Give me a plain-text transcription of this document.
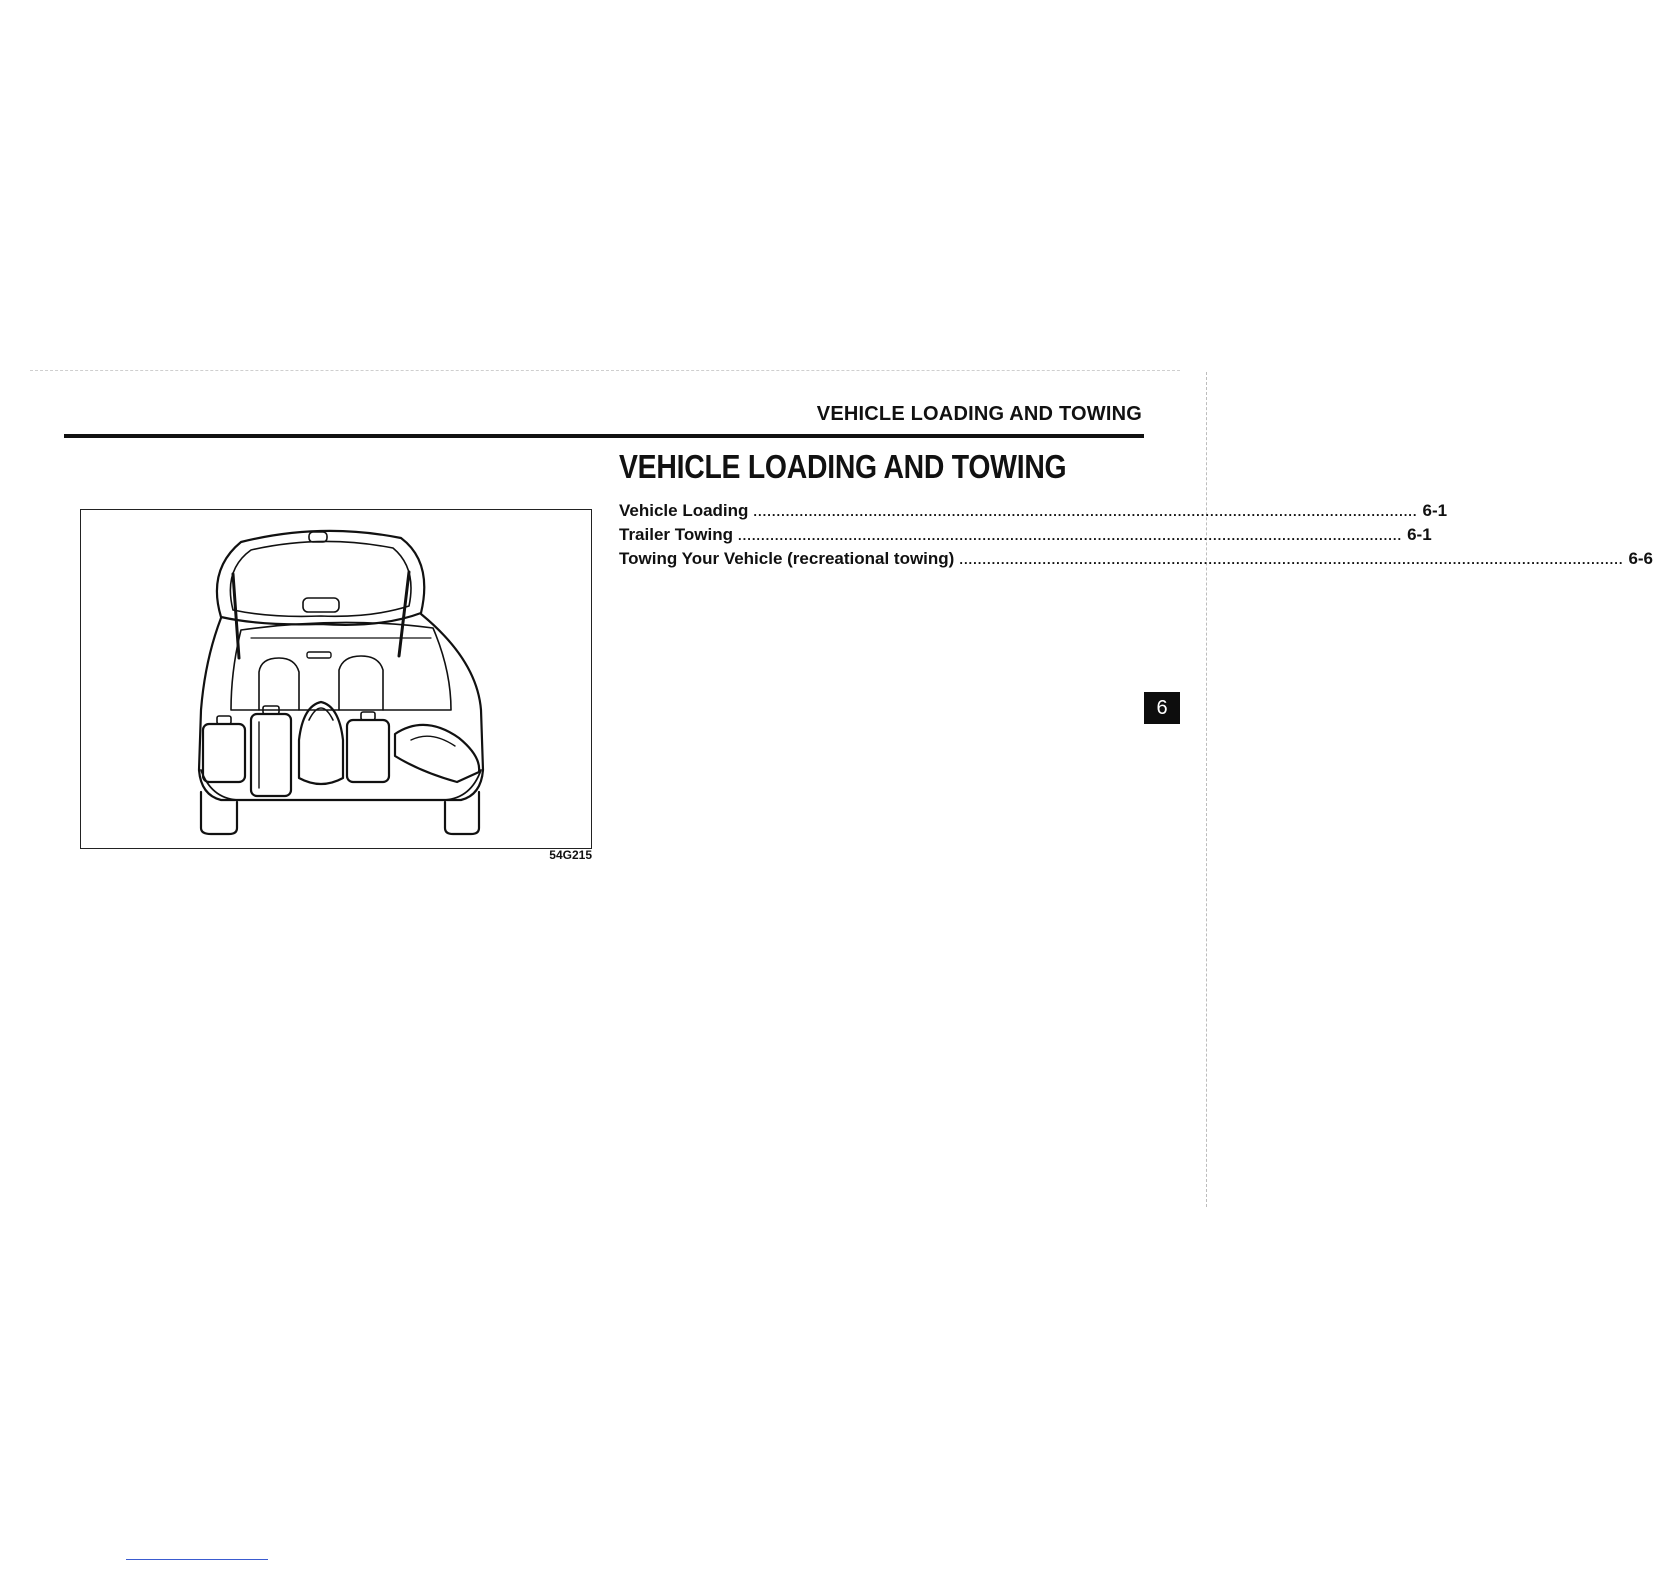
VEHICLE LOADING AND TOWING
VEHICLE LOADING AND TOWING
Vehicle Loading ................................................................................................................................................ 6-1
Trailer Towing ................................................................................................................................................ 6-1
Towing Your Vehicle (recreational towing) ................................................................................................................................................ 6-6
54G215
6
